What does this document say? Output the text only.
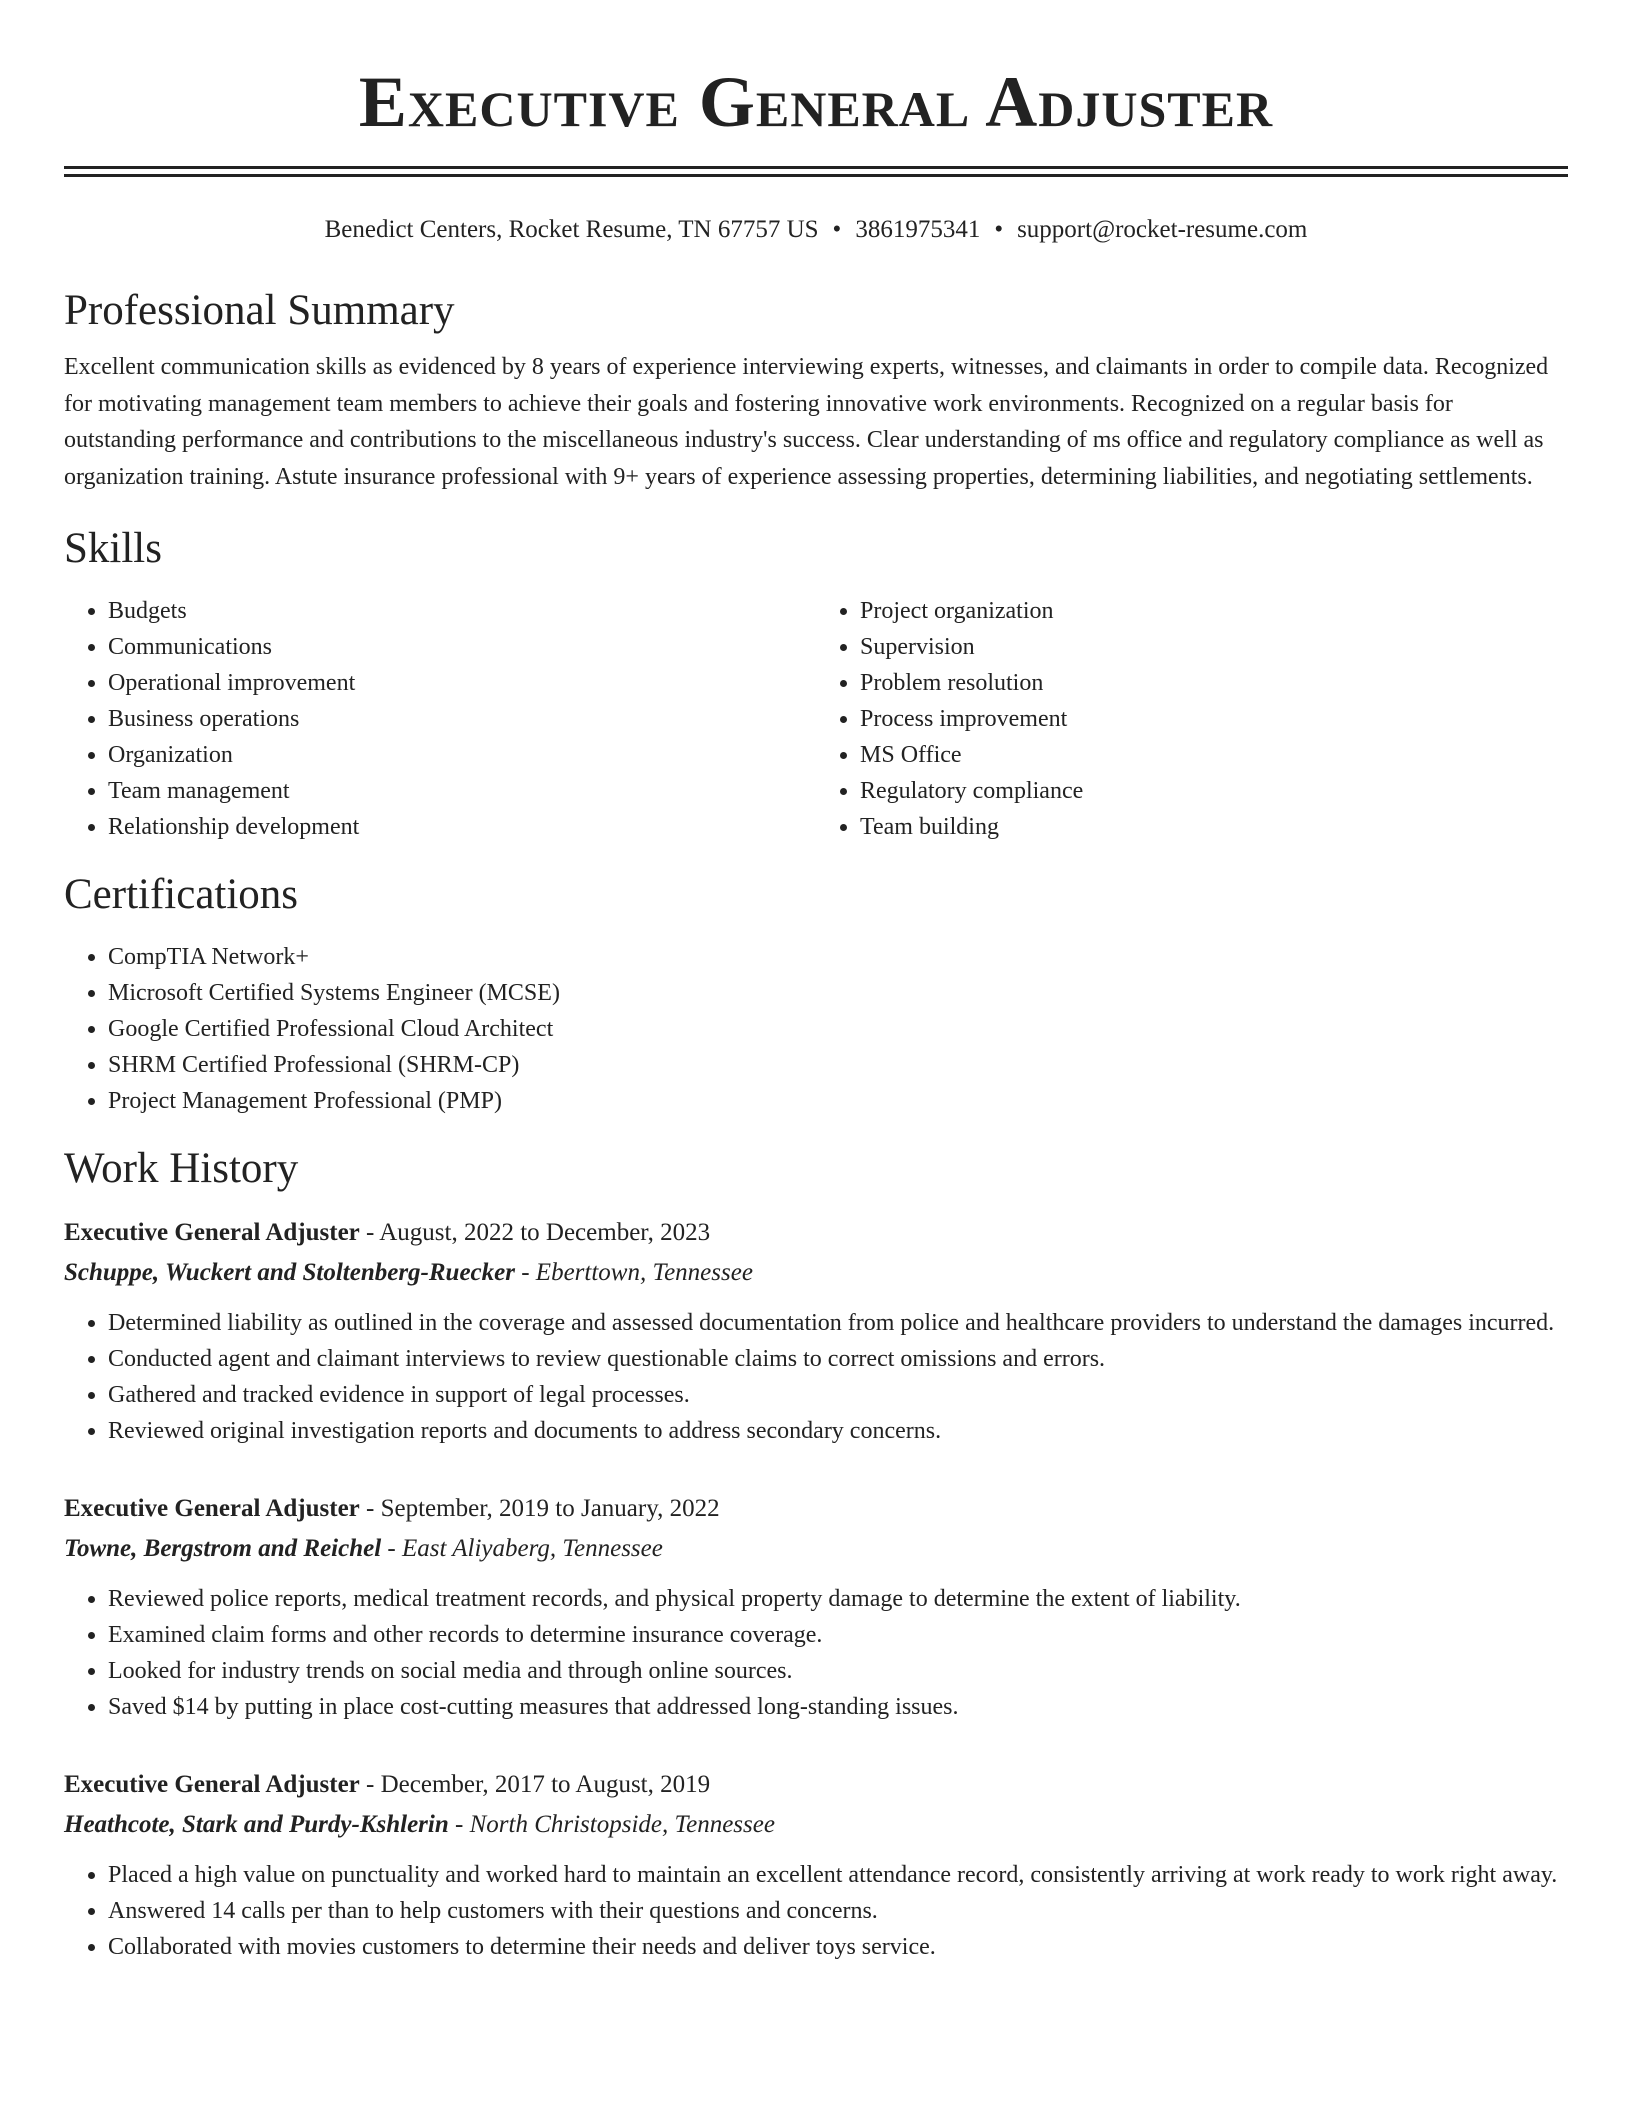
Executive General Adjuster
Benedict Centers, Rocket Resume, TN 67757 US • 3861975341 • support@rocket-resume.com
Professional Summary

Excellent communication skills as evidenced by 8 years of experience interviewing experts, witnesses, and claimants in order to compile data. Recognized for motivating management team members to achieve their goals and fostering innovative work environments. Recognized on a regular basis for outstanding performance and contributions to the miscellaneous industry's success. Clear understanding of ms office and regulatory compliance as well as organization training. Astute insurance professional with 9+ years of experience assessing properties, determining liabilities, and negotiating settlements.

Skills
• Budgets
• Communications
• Operational improvement
• Business operations
• Organization
• Team management
• Relationship development
• Project organization
• Supervision
• Problem resolution
• Process improvement
• MS Office
• Regulatory compliance
• Team building
Certifications
• CompTIA Network+
• Microsoft Certified Systems Engineer (MCSE)
• Google Certified Professional Cloud Architect
• SHRM Certified Professional (SHRM-CP)
• Project Management Professional (PMP)
Work History
Executive General Adjuster - August, 2022 to December, 2023
Schuppe, Wuckert and Stoltenberg-Ruecker - Eberttown, Tennessee
• Determined liability as outlined in the coverage and assessed documentation from police and healthcare providers to understand the damages incurred.
• Conducted agent and claimant interviews to review questionable claims to correct omissions and errors.
• Gathered and tracked evidence in support of legal processes.
• Reviewed original investigation reports and documents to address secondary concerns.
Executive General Adjuster - September, 2019 to January, 2022
Towne, Bergstrom and Reichel - East Aliyaberg, Tennessee
• Reviewed police reports, medical treatment records, and physical property damage to determine the extent of liability.
• Examined claim forms and other records to determine insurance coverage.
• Looked for industry trends on social media and through online sources.
• Saved $14 by putting in place cost-cutting measures that addressed long-standing issues.
Executive General Adjuster - December, 2017 to August, 2019
Heathcote, Stark and Purdy-Kshlerin - North Christopside, Tennessee
• Placed a high value on punctuality and worked hard to maintain an excellent attendance record, consistently arriving at work ready to work right away.
• Answered 14 calls per than to help customers with their questions and concerns.
• Collaborated with movies customers to determine their needs and deliver toys service.
